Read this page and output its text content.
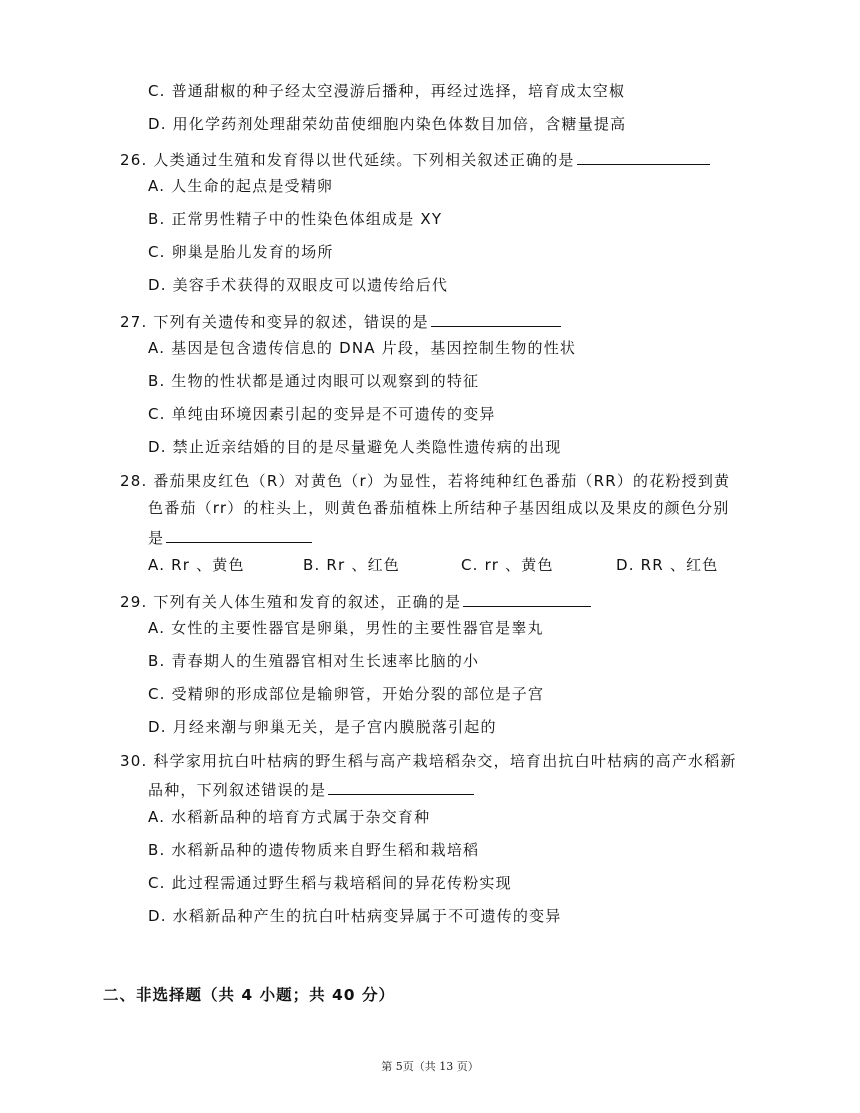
C. 普通甜椒的种子经太空漫游后播种，再经过选择，培育成太空椒
D. 用化学药剂处理甜荣幼苗使细胞内染色体数目加倍，含糖量提高
26. 人类通过生殖和发育得以世代延续。下列相关叙述正确的是
A. 人生命的起点是受精卵
B. 正常男性精子中的性染色体组成是 XY
C. 卵巢是胎儿发育的场所
D. 美容手术获得的双眼皮可以遗传给后代
27. 下列有关遗传和变异的叙述，错误的是
A. 基因是包含遗传信息的 DNA 片段，基因控制生物的性状
B. 生物的性状都是通过肉眼可以观察到的特征
C. 单纯由环境因素引起的变异是不可遗传的变异
D. 禁止近亲结婚的目的是尽量避免人类隐性遗传病的出现
28. 番茄果皮红色（R）对黄色（r）为显性，若将纯种红色番茄（RR）的花粉授到黄
色番茄（rr）的柱头上，则黄色番茄植株上所结种子基因组成以及果皮的颜色分别
是
A. Rr 、黄色	B. Rr 、红色	C. rr 、黄色	D. RR 、红色
29. 下列有关人体生殖和发育的叙述，正确的是
A. 女性的主要性器官是卵巢，男性的主要性器官是睾丸
B. 青春期人的生殖器官相对生长速率比脑的小
C. 受精卵的形成部位是输卵管，开始分裂的部位是子宫
D. 月经来潮与卵巢无关，是子宫内膜脱落引起的
30. 科学家用抗白叶枯病的野生稻与高产栽培稻杂交，培育出抗白叶枯病的高产水稻新
品种，下列叙述错误的是
A. 水稻新品种的培育方式属于杂交育种
B. 水稻新品种的遗传物质来自野生稻和栽培稻
C. 此过程需通过野生稻与栽培稻间的异花传粉实现
D. 水稻新品种产生的抗白叶枯病变异属于不可遗传的变异
二、非选择题（共 4 小题；共 40 分）
第 5页（共 13 页）
